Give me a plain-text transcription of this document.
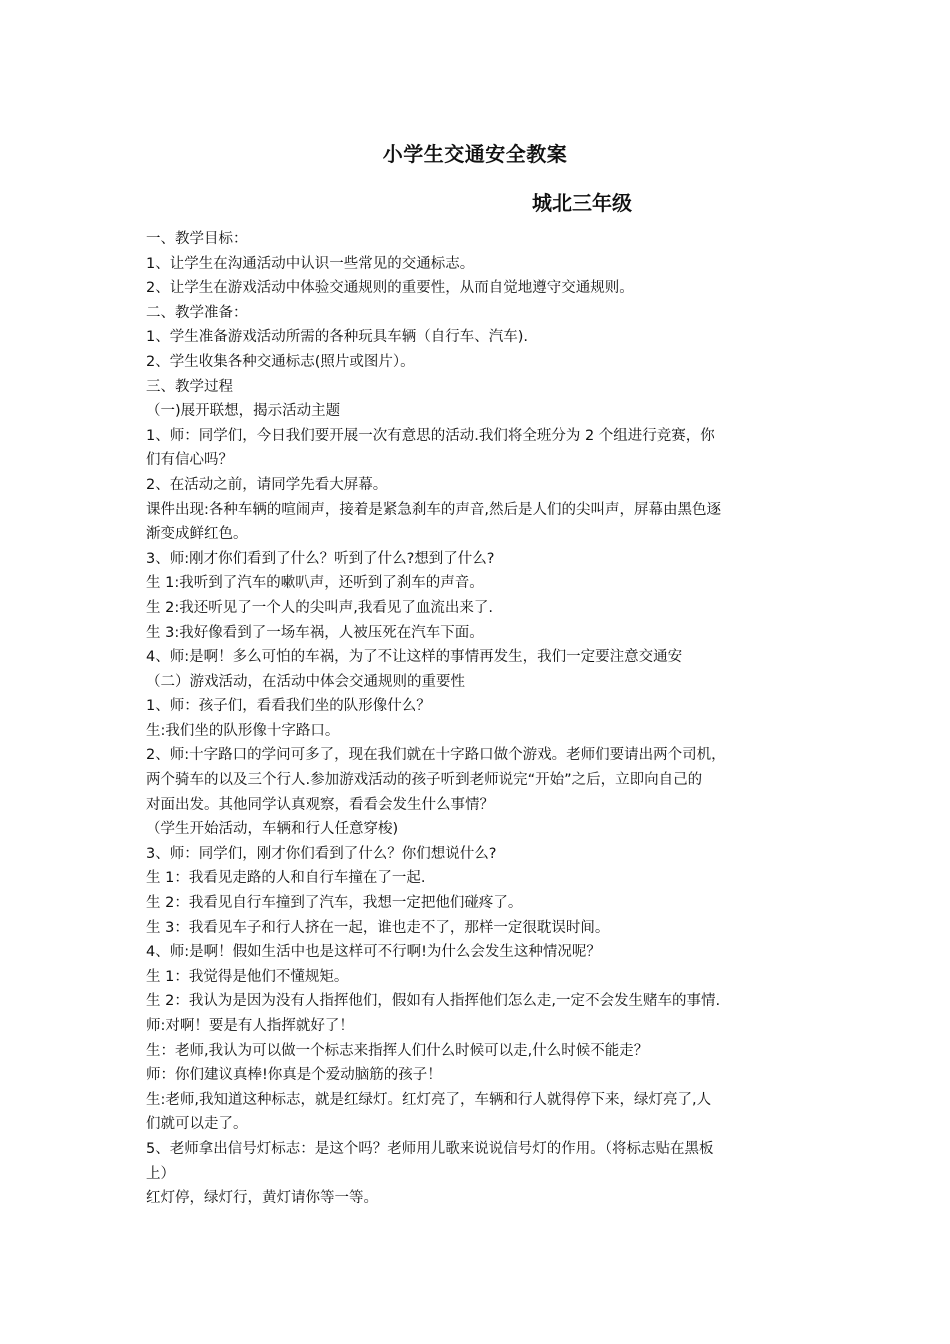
小学生交通安全教案
城北三年级
一、教学目标：
1、让学生在沟通活动中认识一些常见的交通标志。
2、让学生在游戏活动中体验交通规则的重要性，从而自觉地遵守交通规则。
二、教学准备：
1、学生准备游戏活动所需的各种玩具车辆（自行车、汽车).
2、学生收集各种交通标志(照片或图片）。
三、教学过程
（一)展开联想，揭示活动主题
1、师：同学们，今日我们要开展一次有意思的活动.我们将全班分为 2 个组进行竞赛，你
们有信心吗？
2、在活动之前，请同学先看大屏幕。
课件出现:各种车辆的喧闹声，接着是紧急刹车的声音,然后是人们的尖叫声，屏幕由黑色逐
渐变成鲜红色。
3、师:刚才你们看到了什么？听到了什么?想到了什么?
生 1:我听到了汽车的嗽叭声，还听到了刹车的声音。
生 2:我还听见了一个人的尖叫声,我看见了血流出来了.
生 3:我好像看到了一场车祸，人被压死在汽车下面。
4、师:是啊！多么可怕的车祸，为了不让这样的事情再发生，我们一定要注意交通安
（二）游戏活动，在活动中体会交通规则的重要性
1、师：孩子们，看看我们坐的队形像什么？
生:我们坐的队形像十字路口。
2、师:十字路口的学问可多了，现在我们就在十字路口做个游戏。老师们要请出两个司机，
两个骑车的以及三个行人.参加游戏活动的孩子听到老师说完“开始”之后，立即向自己的
对面出发。其他同学认真观察，看看会发生什么事情？
（学生开始活动，车辆和行人任意穿梭)
3、师：同学们，刚才你们看到了什么？你们想说什么?
生 1：我看见走路的人和自行车撞在了一起.
生 2：我看见自行车撞到了汽车，我想一定把他们碰疼了。
生 3：我看见车子和行人挤在一起，谁也走不了，那样一定很耽误时间。
4、师:是啊！假如生活中也是这样可不行啊!为什么会发生这种情况呢？
生 1：我觉得是他们不懂规矩。
生 2：我认为是因为没有人指挥他们，假如有人指挥他们怎么走,一定不会发生赌车的事情.
师:对啊！要是有人指挥就好了！
生：老师,我认为可以做一个标志来指挥人们什么时候可以走,什么时候不能走？
师：你们建议真棒!你真是个爱动脑筋的孩子！
生:老师,我知道这种标志，就是红绿灯。红灯亮了，车辆和行人就得停下来，绿灯亮了,人
们就可以走了。
5、老师拿出信号灯标志：是这个吗？老师用儿歌来说说信号灯的作用。（将标志贴在黑板
上）
红灯停，绿灯行，黄灯请你等一等。
